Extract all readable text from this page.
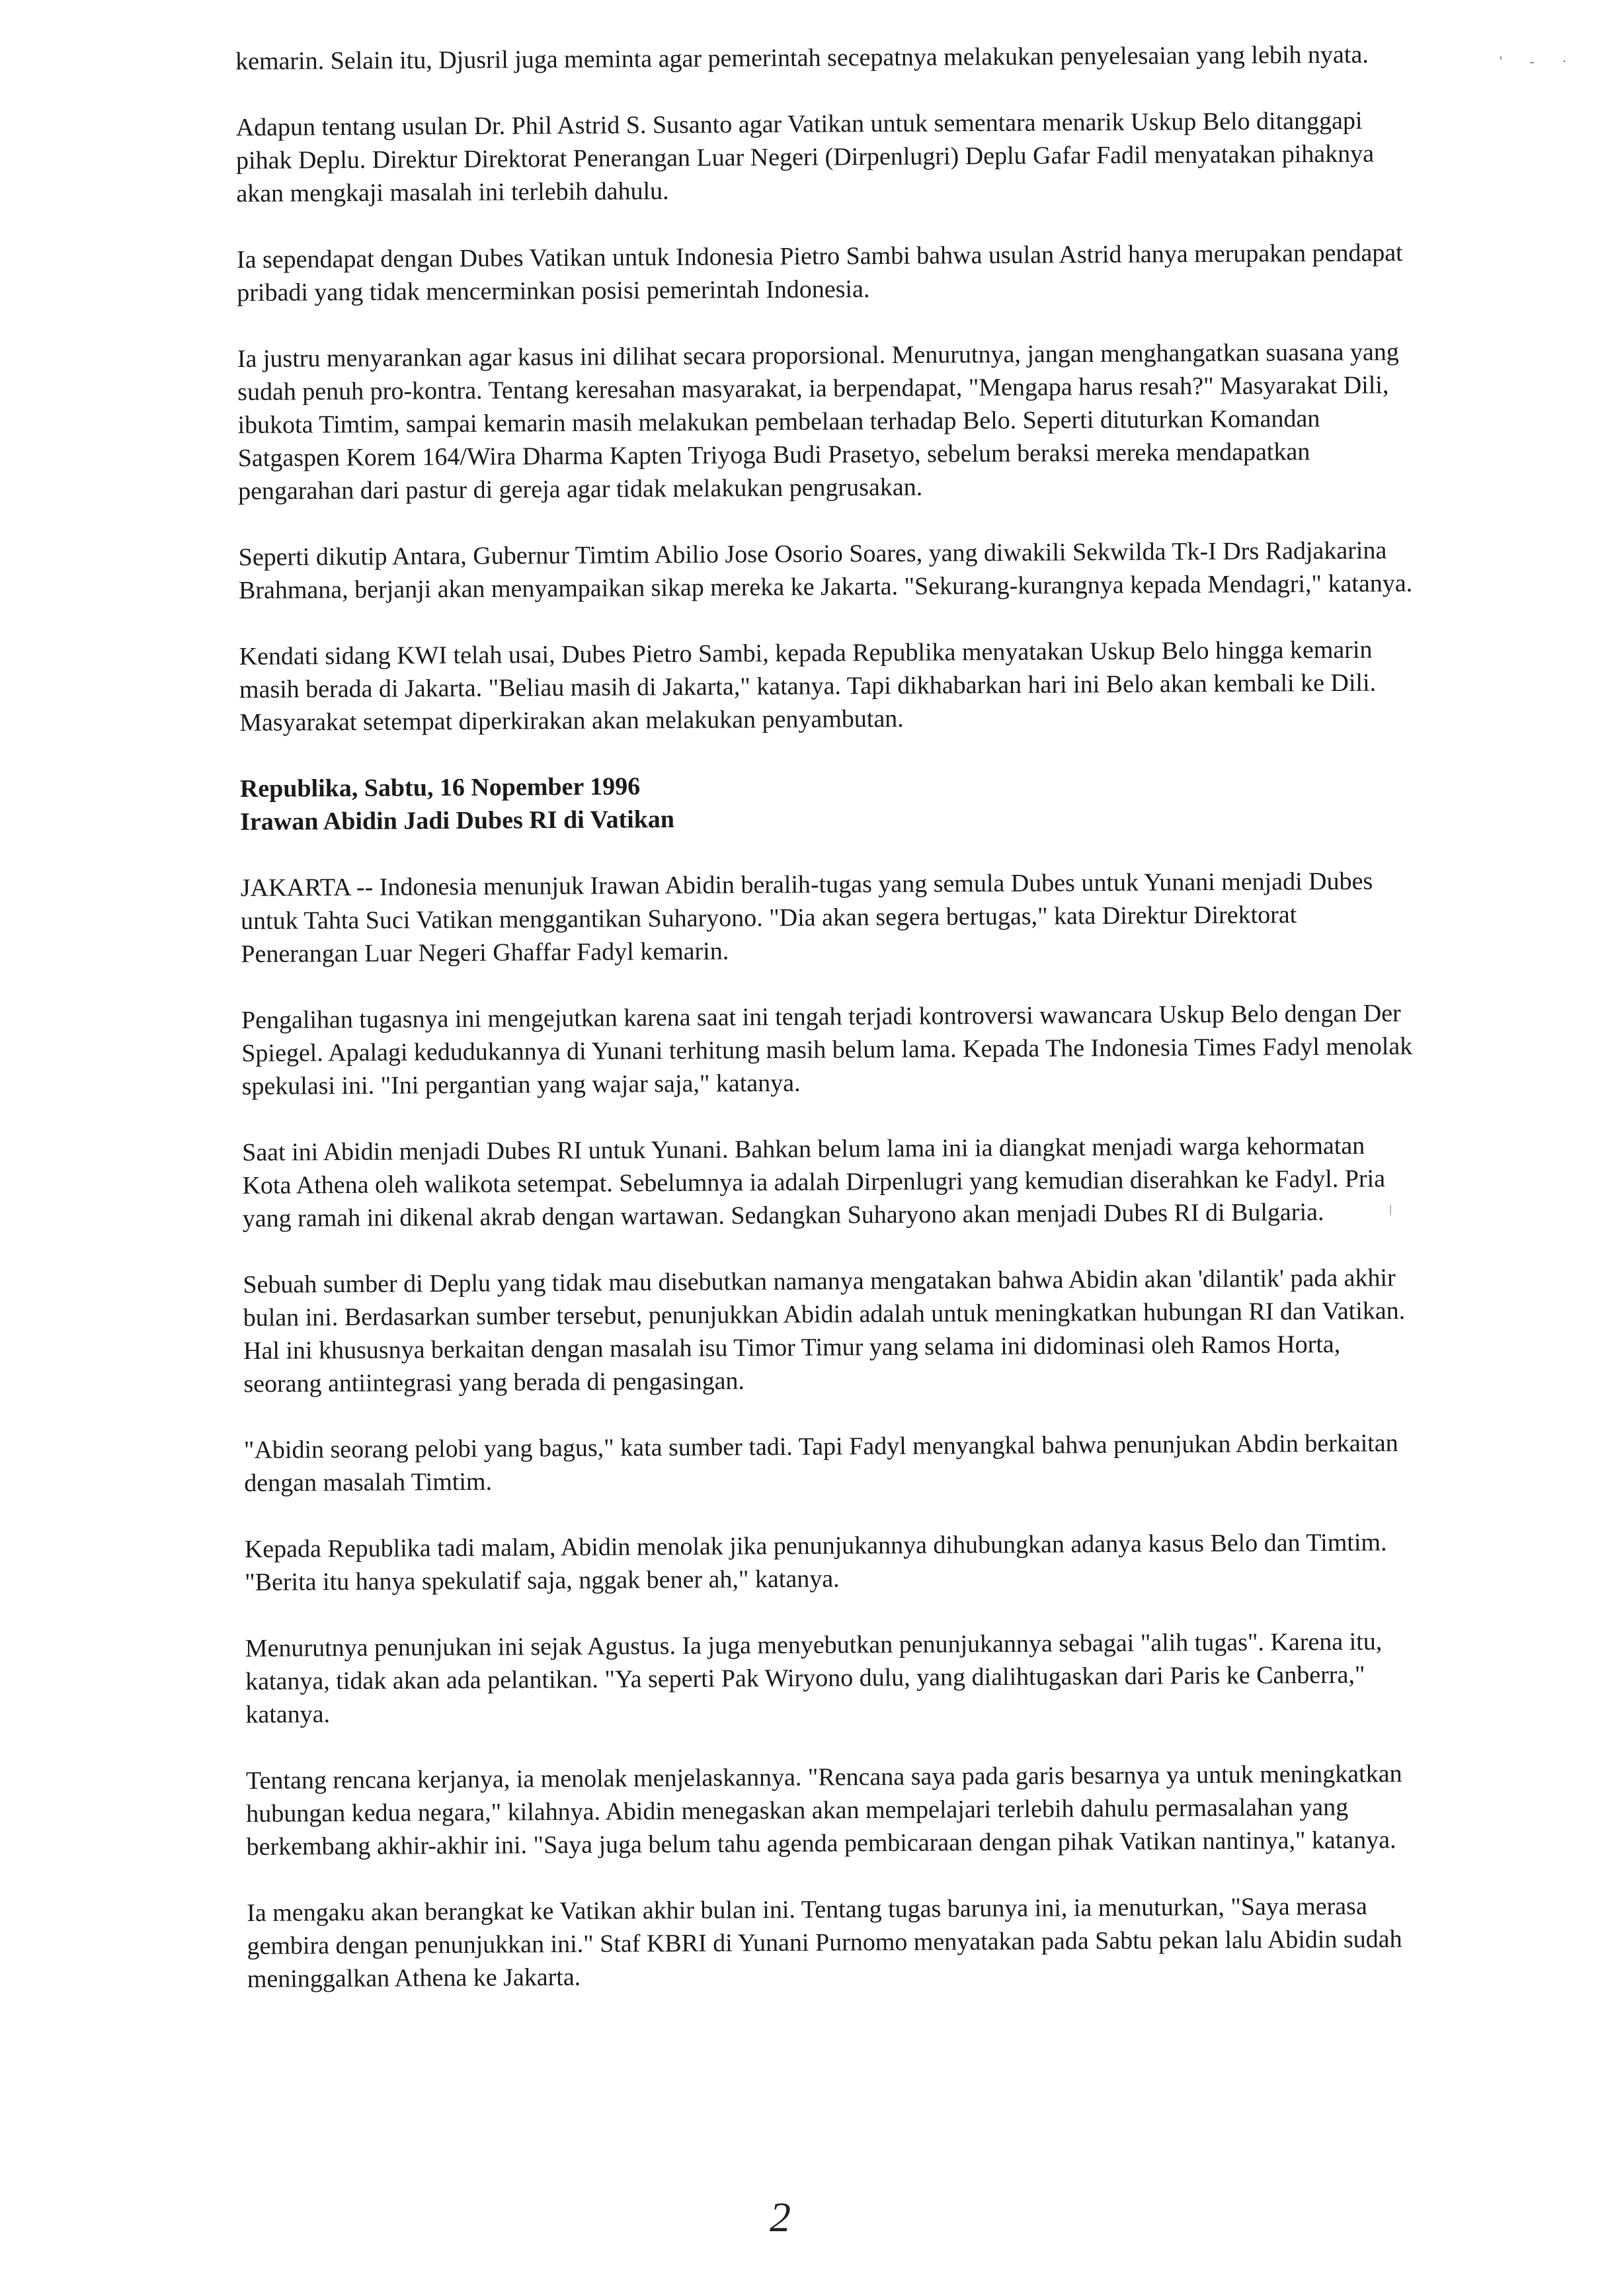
' - ·

kemarin. Selain itu, Djusril juga meminta agar pemerintah secepatnya melakukan penyelesaian yang lebih nyata.

Adapun tentang usulan Dr. Phil Astrid S. Susanto agar Vatikan untuk sementara menarik Uskup Belo ditanggapi pihak Deplu. Direktur Direktorat Penerangan Luar Negeri (Dirpenlugri) Deplu Gafar Fadil menyatakan pihaknya akan mengkaji masalah ini terlebih dahulu.

Ia sependapat dengan Dubes Vatikan untuk Indonesia Pietro Sambi bahwa usulan Astrid hanya merupakan pendapat pribadi yang tidak mencerminkan posisi pemerintah Indonesia.

Ia justru menyarankan agar kasus ini dilihat secara proporsional. Menurutnya, jangan menghangatkan suasana yang sudah penuh pro-kontra. Tentang keresahan masyarakat, ia berpendapat, "Mengapa harus resah?" Masyarakat Dili, ibukota Timtim, sampai kemarin masih melakukan pembelaan terhadap Belo. Seperti dituturkan Komandan Satgaspen Korem 164/Wira Dharma Kapten Triyoga Budi Prasetyo, sebelum beraksi mereka mendapatkan pengarahan dari pastur di gereja agar tidak melakukan pengrusakan.

Seperti dikutip Antara, Gubernur Timtim Abilio Jose Osorio Soares, yang diwakili Sekwilda Tk-I Drs Radjakarina Brahmana, berjanji akan menyampaikan sikap mereka ke Jakarta. "Sekurang-kurangnya kepada Mendagri," katanya.

Kendati sidang KWI telah usai, Dubes Pietro Sambi, kepada Republika menyatakan Uskup Belo hingga kemarin masih berada di Jakarta. "Beliau masih di Jakarta," katanya. Tapi dikhabarkan hari ini Belo akan kembali ke Dili. Masyarakat setempat diperkirakan akan melakukan penyambutan.

Republika, Sabtu, 16 Nopember 1996

Irawan Abidin Jadi Dubes RI di Vatikan

JAKARTA -- Indonesia menunjuk Irawan Abidin beralih-tugas yang semula Dubes untuk Yunani menjadi Dubes untuk Tahta Suci Vatikan menggantikan Suharyono. "Dia akan segera bertugas," kata Direktur Direktorat Penerangan Luar Negeri Ghaffar Fadyl kemarin.

Pengalihan tugasnya ini mengejutkan karena saat ini tengah terjadi kontroversi wawancara Uskup Belo dengan Der Spiegel. Apalagi kedudukannya di Yunani terhitung masih belum lama. Kepada The Indonesia Times Fadyl menolak spekulasi ini. "Ini pergantian yang wajar saja," katanya.

Saat ini Abidin menjadi Dubes RI untuk Yunani. Bahkan belum lama ini ia diangkat menjadi warga kehormatan Kota Athena oleh walikota setempat. Sebelumnya ia adalah Dirpenlugri yang kemudian diserahkan ke Fadyl. Pria yang ramah ini dikenal akrab dengan wartawan. Sedangkan Suharyono akan menjadi Dubes RI di Bulgaria.

Sebuah sumber di Deplu yang tidak mau disebutkan namanya mengatakan bahwa Abidin akan 'dilantik' pada akhir bulan ini. Berdasarkan sumber tersebut, penunjukkan Abidin adalah untuk meningkatkan hubungan RI dan Vatikan. Hal ini khususnya berkaitan dengan masalah isu Timor Timur yang selama ini didominasi oleh Ramos Horta, seorang antiintegrasi yang berada di pengasingan.

"Abidin seorang pelobi yang bagus," kata sumber tadi. Tapi Fadyl menyangkal bahwa penunjukan Abdin berkaitan dengan masalah Timtim.

Kepada Republika tadi malam, Abidin menolak jika penunjukannya dihubungkan adanya kasus Belo dan Timtim. "Berita itu hanya spekulatif saja, nggak bener ah," katanya.

Menurutnya penunjukan ini sejak Agustus. Ia juga menyebutkan penunjukannya sebagai "alih tugas". Karena itu, katanya, tidak akan ada pelantikan. "Ya seperti Pak Wiryono dulu, yang dialihtugaskan dari Paris ke Canberra," katanya.

Tentang rencana kerjanya, ia menolak menjelaskannya. "Rencana saya pada garis besarnya ya untuk meningkatkan hubungan kedua negara," kilahnya. Abidin menegaskan akan mempelajari terlebih dahulu permasalahan yang berkembang akhir-akhir ini. "Saya juga belum tahu agenda pembicaraan dengan pihak Vatikan nantinya," katanya.

Ia mengaku akan berangkat ke Vatikan akhir bulan ini. Tentang tugas barunya ini, ia menuturkan, "Saya merasa gembira dengan penunjukkan ini." Staf KBRI di Yunani Purnomo menyatakan pada Sabtu pekan lalu Abidin sudah meninggalkan Athena ke Jakarta.

2
